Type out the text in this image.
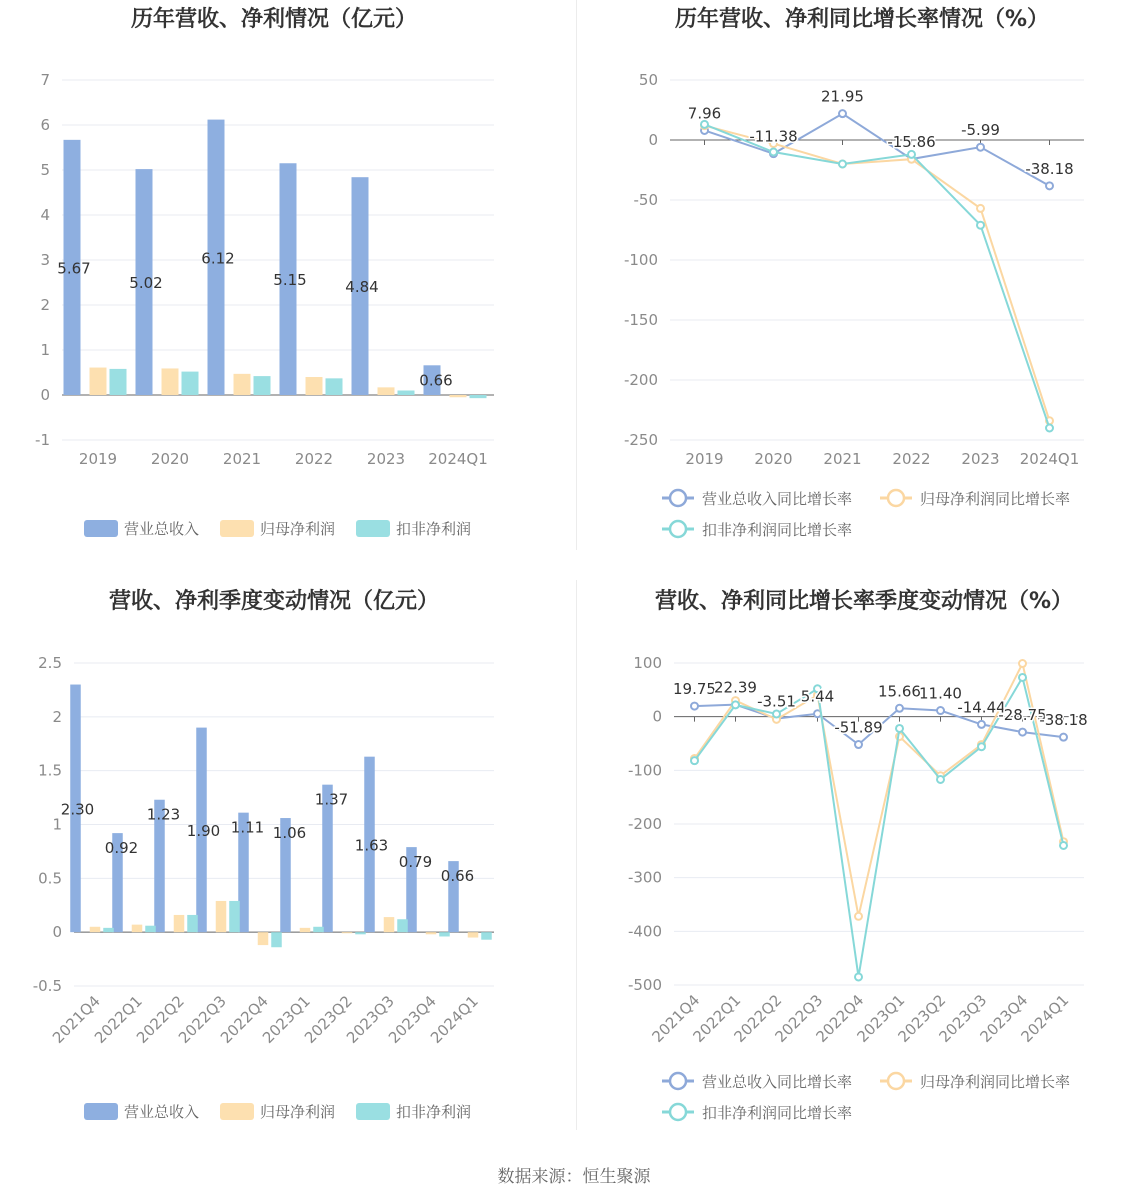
历年营收、净利情况（亿元）
-1
0
1
2
3
4
5
6
7
2019 2020 2021 2022 2023 2024Q1
5.67
5.02
6.12
5.15	4.84
0.66
营业总收入	归母净利润	扣非净利润
历年营收、净利同比增长率情况（%）
-250
-200
-150
-100
-50
0
50
2019 2020 2021 2022 2023 2024Q1
7.96
-11.38
21.95
-15.86
-5.99
-38.18
营业总收入同比增长率	归母净利润同比增长率
扣非净利润同比增长率
营收、净利季度变动情况（亿元）
-0.5
0
0.5
1
1.5
2
2.5
2021Q4
2022Q1
2022Q2
2022Q3
2022Q4
2023Q1
2023Q2
2023Q3
2023Q4
2024Q1
2.30
0.92
1.23
1.90 1.11 1.06
1.37
1.63
0.79
0.66
营业总收入	归母净利润	扣非净利润
营收、净利同比增长率季度变动情况（%）
-500
-400
-300
-200
-100
0
100
2021Q4
2022Q1
2022Q2
2022Q3
2022Q4
2023Q1
2023Q2
2023Q3
2023Q4
2024Q1
19.75
22.39
-3.51 5.44
-51.89
15.66
11.40
-14.44
-28.75
-38.18
营业总收入同比增长率	归母净利润同比增长率
扣非净利润同比增长率
数据来源：恒生聚源
